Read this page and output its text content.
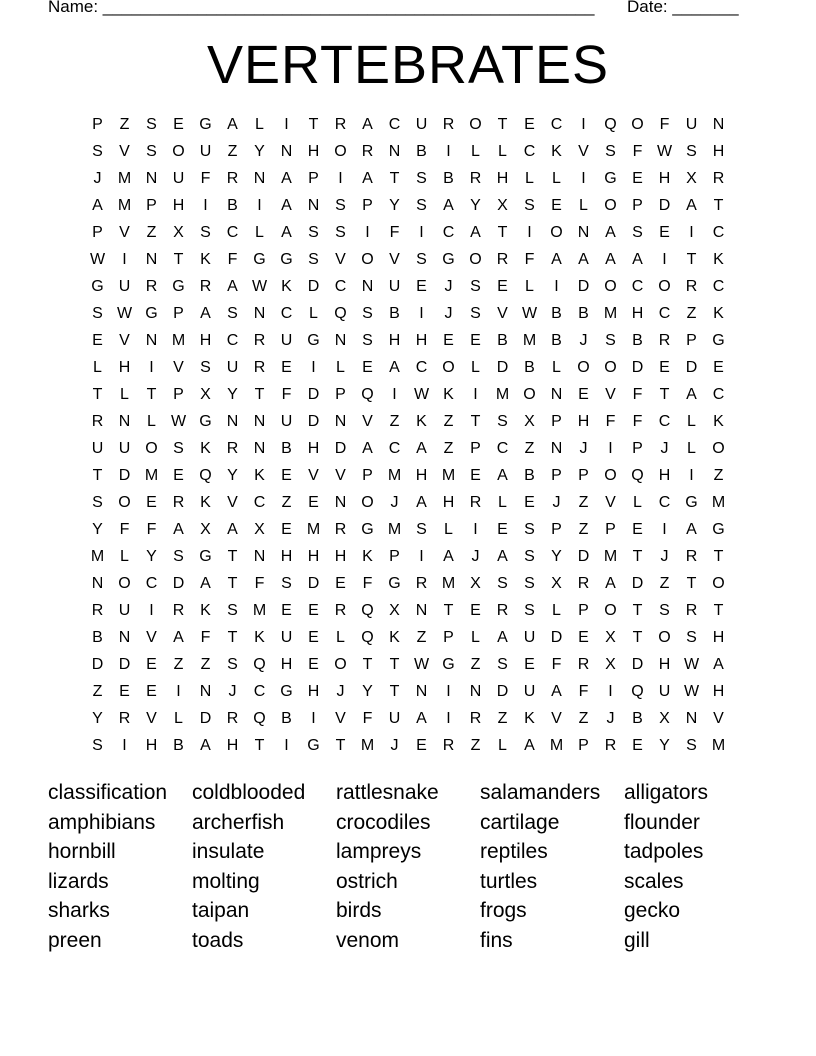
Name: ____________________________________________________ Date: _______
VERTEBRATES
P	Z	S	E G A	L	I	T	R A C U R O T	E C	I	Q O F	U N
S	V	S O U	Z	Y N H O R N B	I	L	L	C K	V	S	F W S H
J	M N U	F	R N A	P	I	A	T	S	B R H	L	L	I	G E H X R
A M P H	I	B	I	A N S	P	Y	S	A	Y	X	S	E	L	O P D A	T
P	V	Z	X	S C	L	A	S	S	I	F	I	C A	T	I	O N A	S	E	I	C
W	I	N	T	K	F G G S	V O V	S G O R	F	A	A	A	A	I	T	K
G U R G R A W K D C N U E	J	S	E	L	I	D O C O R C
S W G P	A	S N C	L	Q S	B	I	J	S	V W B	B M H C	Z	K
E	V N M H C R U G N S H H E	E	B M B	J	S	B R P G
L	H	I	V	S U R E	I	L	E	A C O	L	D B	L	O O D E D E
T	L	T	P	X	Y	T	F	D P Q	I	W K	I	M O N E	V	F	T	A C
R N	L W G N N U D N V	Z	K	Z	T	S	X	P H	F	F	C	L	K
U U O S	K R N B H D A C A	Z	P C	Z	N	J	I	P	J	L	O
T	D M E Q Y	K	E	V	V	P M H M E	A	B	P	P O Q H	I	Z
S O E R K	V C	Z	E N O	J	A H R	L	E	J	Z	V	L	C G M
Y	F	F	A	X	A	X	E M R G M S	L	I	E	S	P	Z	P	E	I	A G
M L	Y	S G T	N H H H K	P	I	A	J	A	S	Y D M T	J	R	T
N O C D A	T	F	S D E	F G R M X	S	S	X R A D	Z	T O
R U	I	R K	S M E	E R Q X N	T	E R S	L	P O T	S R	T
B N V	A	F	T	K U E	L	Q K	Z	P	L	A U D E	X	T O S H
D D E	Z	Z	S Q H E O T	T W G Z	S	E	F	R X D H W A
Z	E	E	I	N	J	C G H	J	Y	T	N	I	N D U A	F	I	Q U W H
Y R V	L	D R Q B	I	V	F	U A	I	R	Z	K	V	Z	J	B	X N V
S	I	H B	A H	T	I	G T M	J	E R	Z	L	A M P R E	Y	S M
classification	coldblooded	rattlesnake	salamanders	alligators
amphibians	archerfish	crocodiles	cartilage	flounder
hornbill	insulate	lampreys	reptiles	tadpoles
lizards	molting	ostrich	turtles	scales
sharks	taipan	birds	frogs	gecko
preen	toads	venom	fins	gill
